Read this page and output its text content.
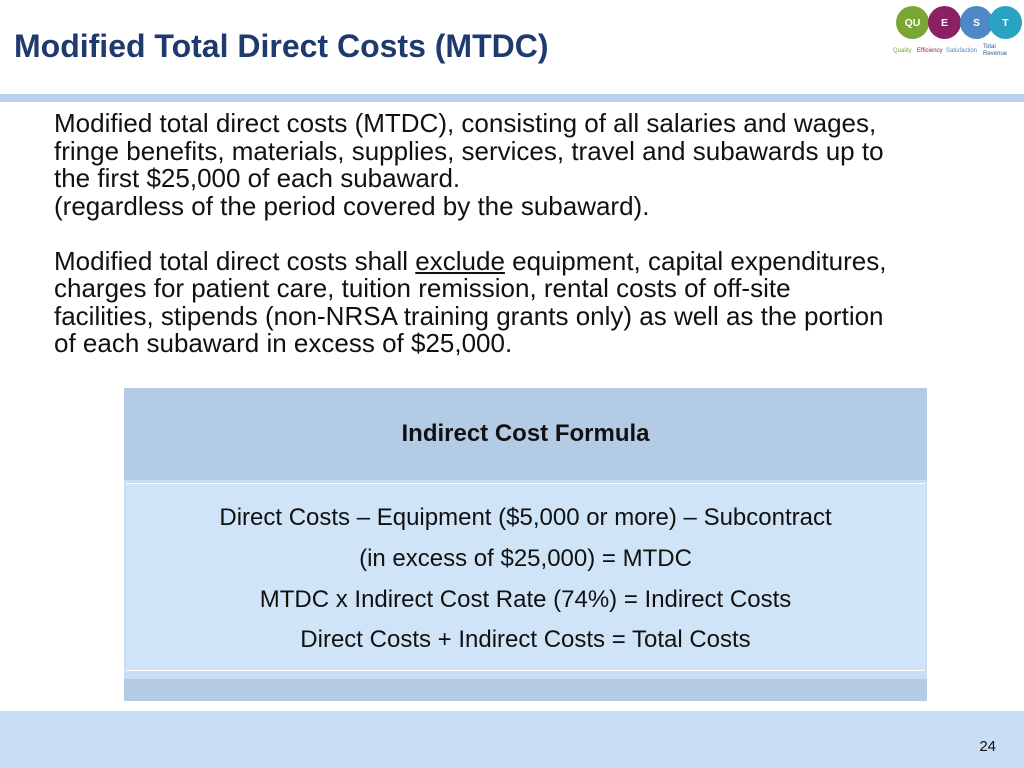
Modified Total Direct Costs (MTDC)
QU	E	S	T
Quality Efficiency Satisfaction
Total
Revenue

Modified total direct costs (MTDC), consisting of all salaries and wages,

fringe benefits, materials, supplies, services, travel and subawards up to

the first $25,000 of each subaward.

(regardless of the period covered by the subaward).

Modified total direct costs shall exclude equipment, capital expenditures,

charges for patient care, tuition remission, rental costs of off-site

facilities, stipends (non-NRSA training grants only) as well as the portion

of each subaward in excess of $25,000.

Indirect Cost Formula
Direct Costs – Equipment ($5,000 or more) – Subcontract
(in excess of $25,000) = MTDC
MTDC x Indirect Cost Rate (74%) = Indirect Costs
Direct Costs + Indirect Costs = Total Costs
24
